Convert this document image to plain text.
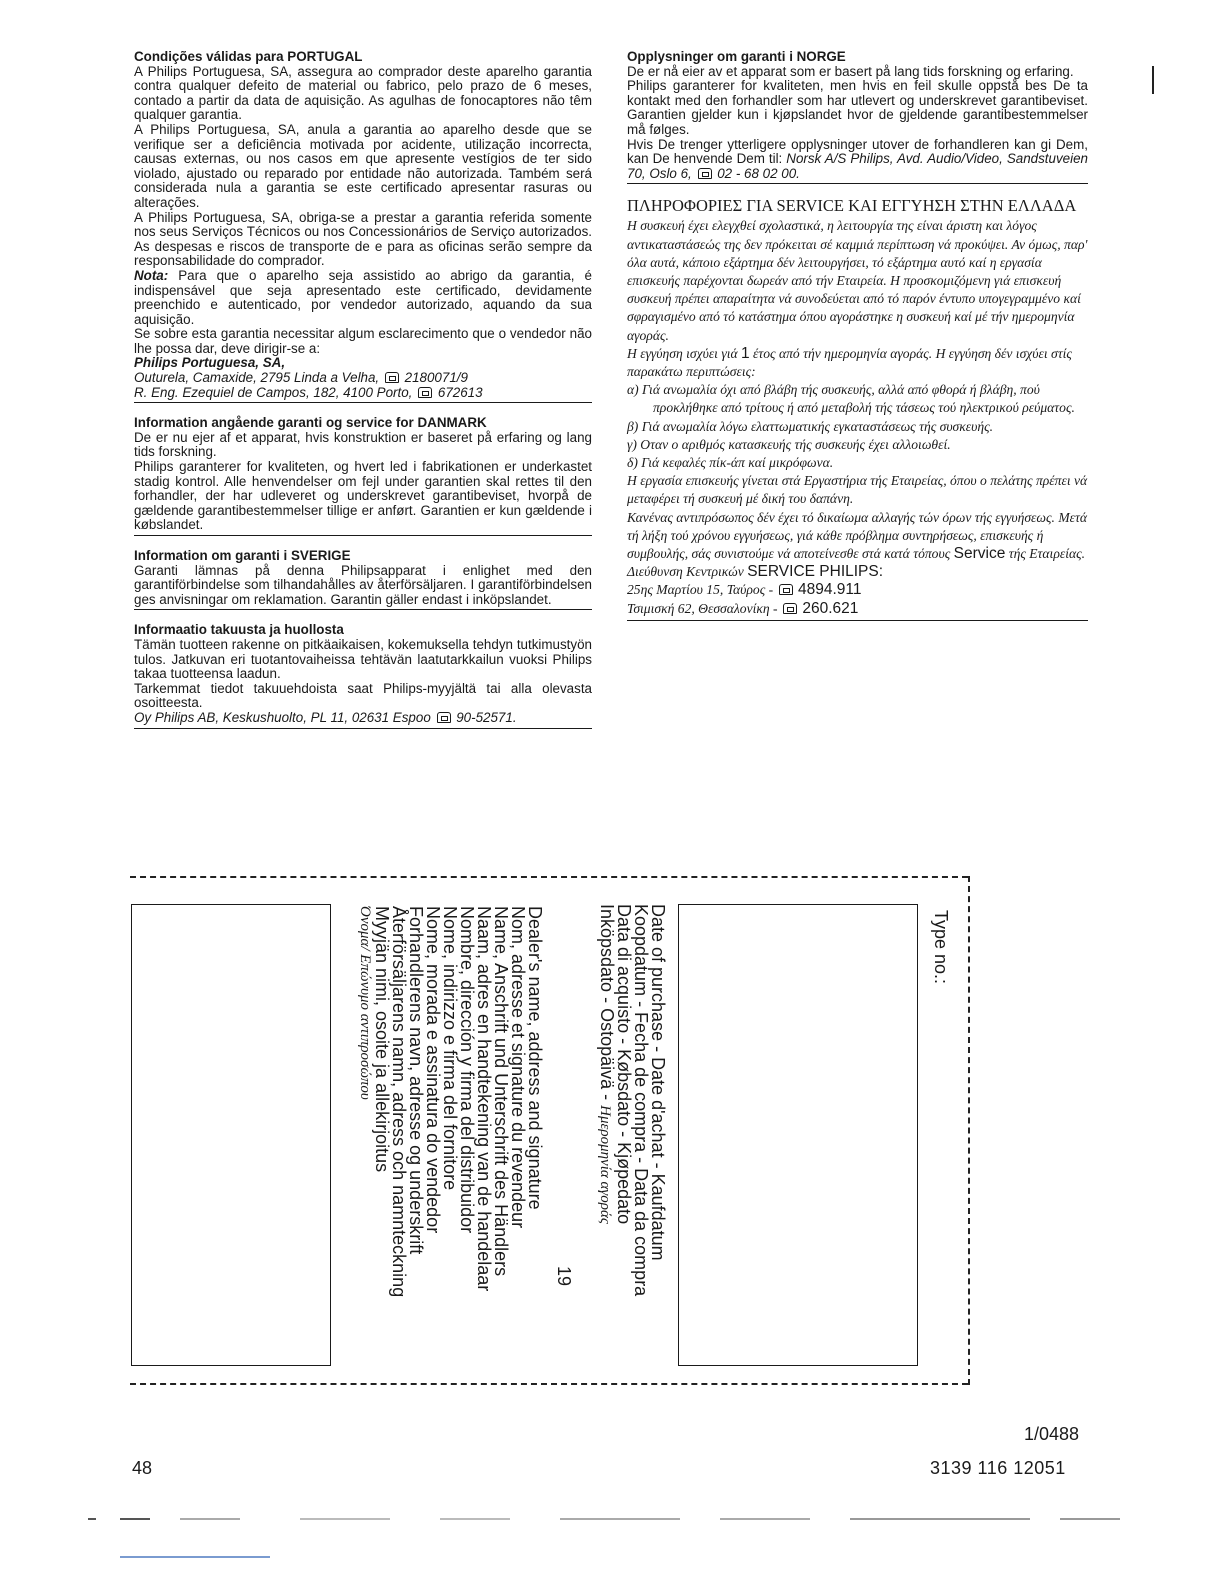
Condições válidas para PORTUGAL

A Philips Portuguesa, SA, assegura ao comprador deste aparelho garantia contra qualquer defeito de material ou fabrico, pelo prazo de 6 meses, contado a partir da data de aquisição. As agulhas de fonocaptores não têm qualquer garantia.

A Philips Portuguesa, SA, anula a garantia ao aparelho desde que se verifique ser a deficiência motivada por acidente, utilização incorrecta, causas externas, ou nos casos em que apresente vestígios de ter sido violado, ajustado ou reparado por entidade não autorizada. Também será considerada nula a garantia se este certificado apresentar rasuras ou alterações.

A Philips Portuguesa, SA, obriga-se a prestar a garantia referida somente nos seus Serviços Técnicos ou nos Concessionários de Serviço autorizados. As despesas e riscos de transporte de e para as oficinas serão sempre da responsabilidade do comprador.

Nota: Para que o aparelho seja assistido ao abrigo da garantia, é indispensável que seja apresentado este certificado, devidamente preenchido e autenticado, por vendedor autorizado, aquando da sua aquisição.

Se sobre esta garantia necessitar algum esclarecimento que o vendedor não lhe possa dar, deve dirigir-se a:

Philips Portuguesa, SA,

Outurela, Camaxide, 2795 Linda a Velha, 2180071/9

R. Eng. Ezequiel de Campos, 182, 4100 Porto, 672613

Information angående garanti og service for DANMARK

De er nu ejer af et apparat, hvis konstruktion er baseret på erfaring og lang tids forskning.

Philips garanterer for kvaliteten, og hvert led i fabrikationen er underkastet stadig kontrol. Alle henvendelser om fejl under garantien skal rettes til den forhandler, der har udleveret og underskrevet garantibeviset, hvorpå de gældende garantibestemmelser tillige er anført. Garantien er kun gældende i købslandet.

Information om garanti i SVERIGE

Garanti lämnas på denna Philipsapparat i enlighet med den garantiförbindelse som tilhandahålles av återförsäljaren. I garantiförbindelsen ges anvisningar om reklamation. Garantin gäller endast i inköpslandet.

Informaatio takuusta ja huollosta

Tämän tuotteen rakenne on pitkäaikaisen, kokemuksella tehdyn tutkimustyön tulos. Jatkuvan eri tuotantovaiheissa tehtävän laatutarkkailun vuoksi Philips takaa tuotteensa laadun.

Tarkemmat tiedot takuuehdoista saat Philips-myyjältä tai alla olevasta osoitteesta.

Oy Philips AB, Keskushuolto, PL 11, 02631 Espoo 90-52571.

Opplysninger om garanti i NORGE

De er nå eier av et apparat som er basert på lang tids forskning og erfaring.

Philips garanterer for kvaliteten, men hvis en feil skulle oppstå bes De ta kontakt med den forhandler som har utlevert og underskrevet garantibeviset. Garantien gjelder kun i kjøpslandet hvor de gjeldende garantibestemmelser må følges.

Hvis De trenger ytterligere opplysninger utover de forhandleren kan gi Dem, kan De henvende Dem til: Norsk A/S Philips, Avd. Audio/Video, Sandstuveien 70, Oslo 6, 02 - 68 02 00.

ΠΛΗΡΟΦΟΡΙΕΣ ΓΙΑ SERVICE ΚΑΙ ΕΓΓΥΗΣΗ ΣΤΗΝ ΕΛΛΑΔΑ

Η συσκευή έχει ελεγχθεί σχολαστικά, η λειτουργία της είναι άριστη και λόγος αντικαταστάσεώς της δεν πρόκειται σέ καμμιά περίπτωση νά προκύψει. Αν όμως, παρ' όλα αυτά, κάποιο εξάρτημα δέν λειτουργήσει, τό εξάρτημα αυτό καί η εργασία επισκευής παρέχονται δωρεάν από τήν Εταιρεία. Η προσκομιζόμενη γιά επισκευή συσκευή πρέπει απαραίτητα νά συνοδεύεται από τό παρόν έντυπο υπογεγραμμένο καί σφραγισμένο από τό κατάστημα όπου αγοράστηκε η συσκευή καί μέ τήν ημερομηνία αγοράς.

Η εγγύηση ισχύει γιά 1 έτος από τήν ημερομηνία αγοράς. Η εγγύηση δέν ισχύει στίς παρακάτω περιπτώσεις:

α) Γιά ανωμαλία όχι από βλάβη τής συσκευής, αλλά από φθορά ή βλάβη, πού προκλήθηκε από τρίτους ή από μεταβολή τής τάσεως τού ηλεκτρικού ρεύματος.

β) Γιά ανωμαλία λόγω ελαττωματικής εγκαταστάσεως τής συσκευής.

γ) Οταν ο αριθμός κατασκευής τής συσκευής έχει αλλοιωθεί.

δ) Γιά κεφαλές πίκ-άπ καί μικρόφωνα.

Η εργασία επισκευής γίνεται στά Εργαστήρια τής Εταιρείας, όπου ο πελάτης πρέπει νά μεταφέρει τή συσκευή μέ δική του δαπάνη.

Κανένας αντιπρόσωπος δέν έχει τό δικαίωμα αλλαγής τών όρων τής εγγυήσεως. Μετά τή λήξη τού χρόνου εγγυήσεως, γιά κάθε πρόβλημα συντηρήσεως, επισκευής ή συμβουλής, σάς συνιστούμε νά αποτείνεσθε στά κατά τόπους Service τής Εταιρείας.

Διεύθυνση Κεντρικών SERVICE PHILIPS:

25ης Μαρτίου 15, Ταύρος -  4894.911

Τσιμισκή 62, Θεσσαλονίκη -  260.621

Type no.:
Date of purchase - Date d'achat - Kaufdatum
Koopdatum - Fecha de compra - Data da compra
Data di acquisto - Købsdato - Kjøpedato
Inköpsdato - Ostopäivä - Ημερομηνία αγοράς
19
Dealer's name, address and signature
Nom, adresse et signature du revendeur
Name, Anschrift und Unterschrift des Händlers
Naam, adres en handtekening van de handelaar
Nombre, dirección y firma del distribuidor
Nome, indirizzo e firma del fornitore
Nome, morada e assinatura do vendedor
Forhandlerens navn, adresse og underskrift
Återförsäljarens namn, adress och namnteckning
Myyjän nimi, osoite ja allekirjoitus
Όνομα/ Επώνυμο αντιπροσώπου
48
1/0488
3139 116 12051
